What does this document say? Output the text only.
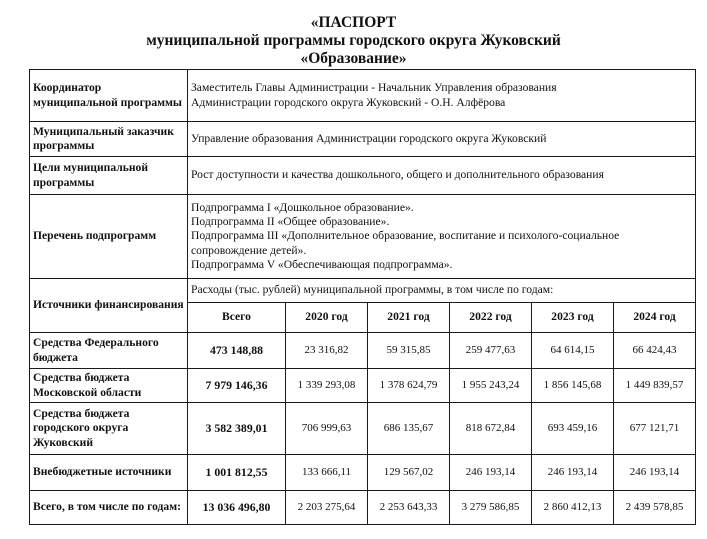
«ПАСПОРТ
муниципальной программы городского округа Жуковский
«Образование»
Координатор муниципальной программы	Заместитель Главы Администрации - Начальник Управления образования
Администрации городского округа Жуковский - О.Н. Алфёрова					

Муниципальный заказчик программы	Управление образования Администрации городского округа Жуковский					
Цели муниципальной программы	Рост доступности и качества дошкольного, общего и дополнительного образования					
Перечень подпрограмм	Подпрограмма I «Дошкольное образование».
Подпрограмма II «Общее образование».
Подпрограмма III «Дополнительное образование, воспитание и психолого-социальное
сопровождение детей».
Подпрограмма V «Обеспечивающая подпрограмма».					

Источники финансирования	Расходы (тыс. рублей) муниципальной программы, в том числе по годам:					
	Всего	2020 год	2021 год	2022 год	2023 год	2024 год
Средства Федерального бюджета	473 148,88	23 316,82	59 315,85	259 477,63	64 614,15	66 424,43
Средства бюджета Московской области	7 979 146,36	1 339 293,08	1 378 624,79	1 955 243,24	1 856 145,68	1 449 839,57
Средства бюджета городского округа Жуковский	3 582 389,01	706 999,63	686 135,67	818 672,84	693 459,16	677 121,71
Внебюджетные источники	1 001 812,55	133 666,11	129 567,02	246 193,14	246 193,14	246 193,14
Всего, в том числе по годам:	13 036 496,80	2 203 275,64	2 253 643,33	3 279 586,85	2 860 412,13	2 439 578,85
